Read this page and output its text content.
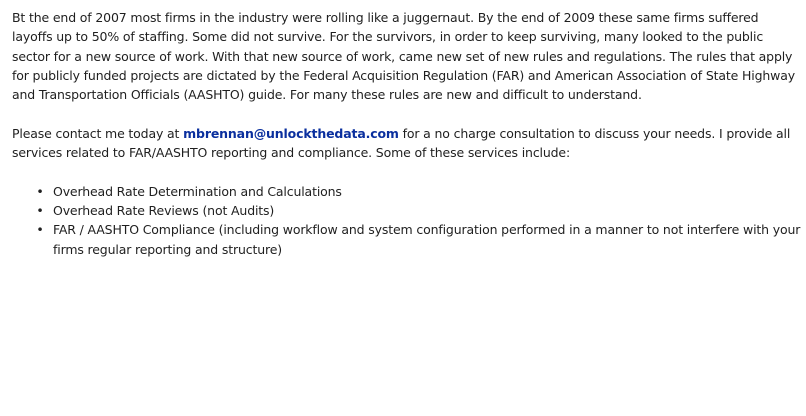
Bt the end of 2007 most firms in the industry were rolling like a juggernaut. By the end of 2009 these same firms suffered layoffs up to 50% of staffing. Some did not survive. For the survivors, in order to keep surviving, many looked to the public sector for a new source of work. With that new source of work, came new set of new rules and regulations. The rules that apply for publicly funded projects are dictated by the Federal Acquisition Regulation (FAR) and American Association of State Highway and Transportation Officials (AASHTO) guide. For many these rules are new and difficult to understand.

Please contact me today at mbrennan@unlockthedata.com for a no charge consultation to discuss your needs. I provide all services related to FAR/AASHTO reporting and compliance. Some of these services include:

• Overhead Rate Determination and Calculations
• Overhead Rate Reviews (not Audits)
• FAR / AASHTO Compliance (including workflow and system configuration performed in a manner to not interfere with your firms regular reporting and structure)
